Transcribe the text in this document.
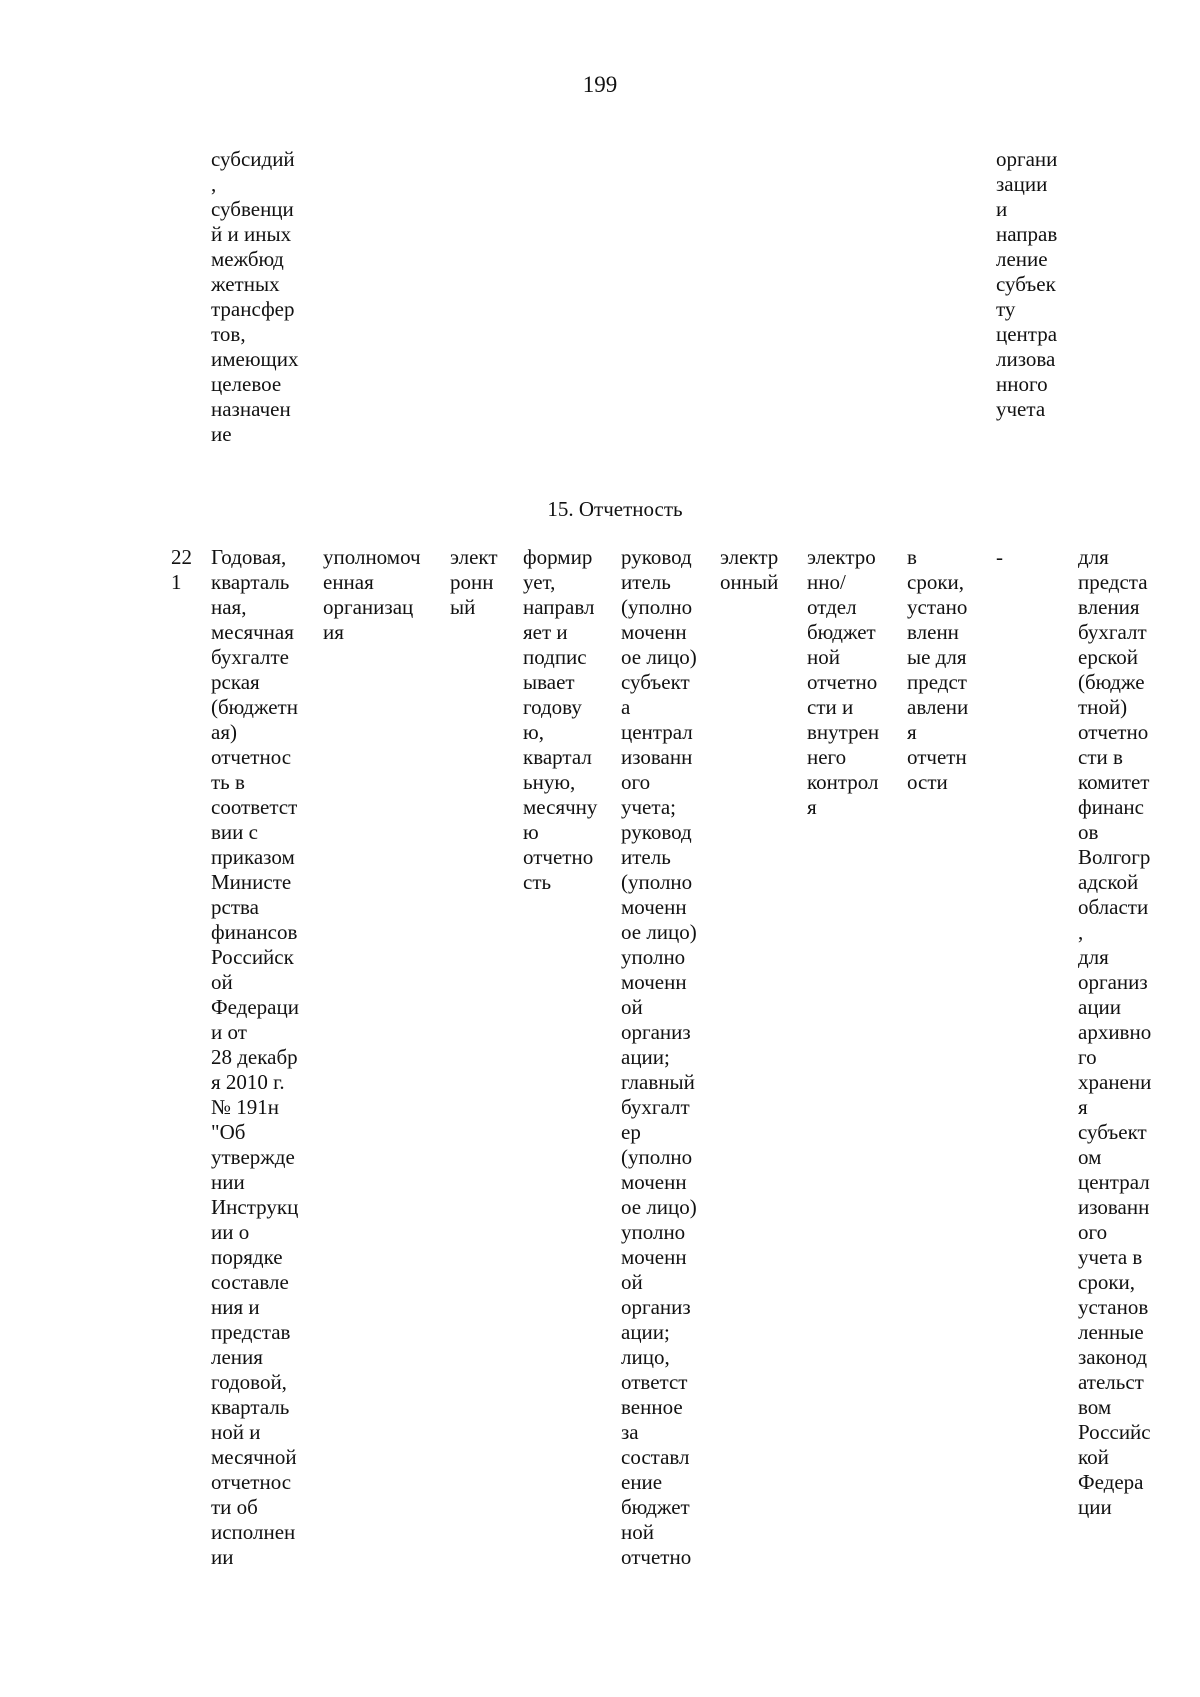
199
субсидий
,
субвенци
й и иных
межбюд
жетных
трансфер
тов,
имеющих
целевое
назначен
ие
органи
зации
и
направ
ление
субъек
ту
центра
лизова
нного
учета
15. Отчетность
22
1
Годовая,
кварталь
ная,
месячная
бухгалте
рская
(бюджетн
ая)
отчетнос
ть в
соответст
вии с
приказом
Министе
рства
финансов
Российск
ой
Федераци
и от
28 декабр
я 2010 г.
№ 191н
"Об
утвержде
нии
Инструкц
ии о
порядке
составле
ния и
представ
ления
годовой,
кварталь
ной и
месячной
отчетнос
ти об
исполнен
ии
уполномоч
енная
организац
ия
элект
ронн
ый
формир
ует,
направл
яет и
подпис
ывает
годову
ю,
квартал
ьную,
месячну
ю
отчетно
сть
руковод
итель
(уполно
моченн
ое лицо)
субъект
а
централ
изованн
ого
учета;
руковод
итель
(уполно
моченн
ое лицо)
уполно
моченн
ой
организ
ации;
главный
бухгалт
ер
(уполно
моченн
ое лицо)
уполно
моченн
ой
организ
ации;
лицо,
ответст
венное
за
составл
ение
бюджет
ной
отчетно
электр
онный
электро
нно/
отдел
бюджет
ной
отчетно
сти и
внутрен
него
контрол
я
в
сроки,
устано
вленн
ые для
предст
авлени
я
отчетн
ости
-	для
предста
вления
бухгалт
ерской
(бюдже
тной)
отчетно
сти в
комитет
финанс
ов
Волгогр
адской
области
,
для
организ
ации
архивно
го
хранени
я
субъект
ом
централ
изованн
ого
учета в
сроки,
установ
ленные
законод
ательст
вом
Российс
кой
Федера
ции
